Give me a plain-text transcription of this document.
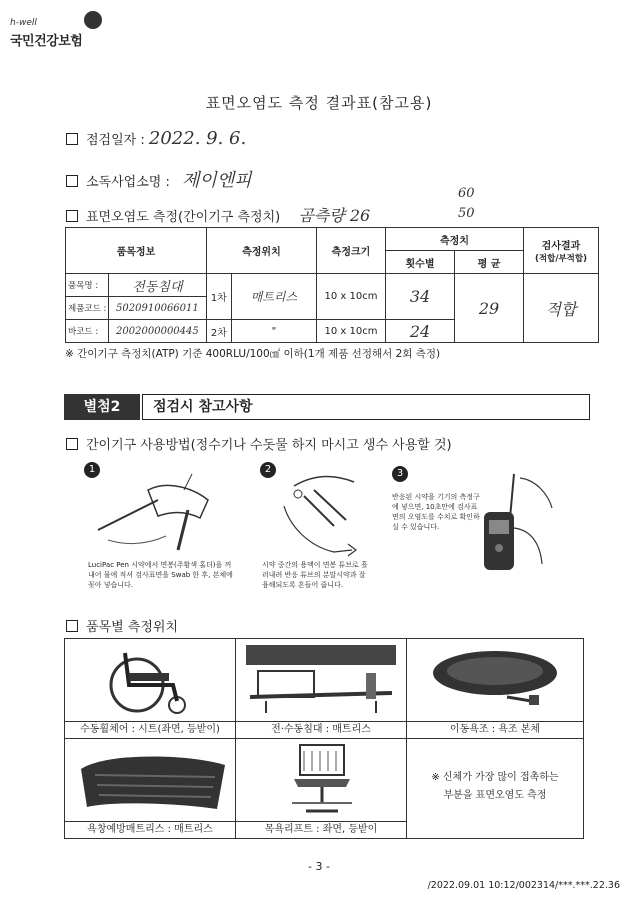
h-well
국민건강보험
표면오염도 측정 결과표(참고용)
점검일자 : 2022. 9. 6.
소독사업소명 : 제이엔피
표면오염도 측정(간이기구 측정치) 곰측량 26
60
50
품목정보		측정위치		측정크기	측정치		검사결과
(적합/부적합)

					횟수별	평 균	
품목명 :	전동침대	1차	매트리스	10 x 10cm	34	29	적합
제품코드 :	5020910066011						
바코드 :	2002000000445	2차	"	10 x 10cm	24		

※ 간이기구 측정치(ATP) 기준 400RLU/100㎠ 이하(1개 제품 선정해서 2회 측정)
별첨2	점검시 참고사항
간이기구 사용방법(정수기나 수돗물 하지 마시고 생수 사용할 것)
1
LuciPac Pen 시약에서 면봉(주황색 홀더)을 꺼내어 물에 적셔 검사표면을 Swab 한 후, 본체에 꽂아 넣습니다.
2
시약 중간의 용액이 면봉 튜브로 흘러내려 반응 튜브의 분말시약과 잘 융해되도록 흔들어 줍니다.
3
반응된 시약을 기기의 측정구에 넣으면, 10초만에 검사표면의 오염도를 수치로 확인하실 수 있습니다.
품목별 측정위치
수동휠체어 : 시트(좌면, 등받이)	전·수동침대 : 매트리스	이동욕조 : 욕조 본체

욕창예방매트리스 : 매트리스	목욕리프트 : 좌면, 등받이	※ 신체가 가장 많이 접촉하는
부분을 표면오염도 측정
- 3 -
/2022.09.01 10:12/002314/***.***.22.36
